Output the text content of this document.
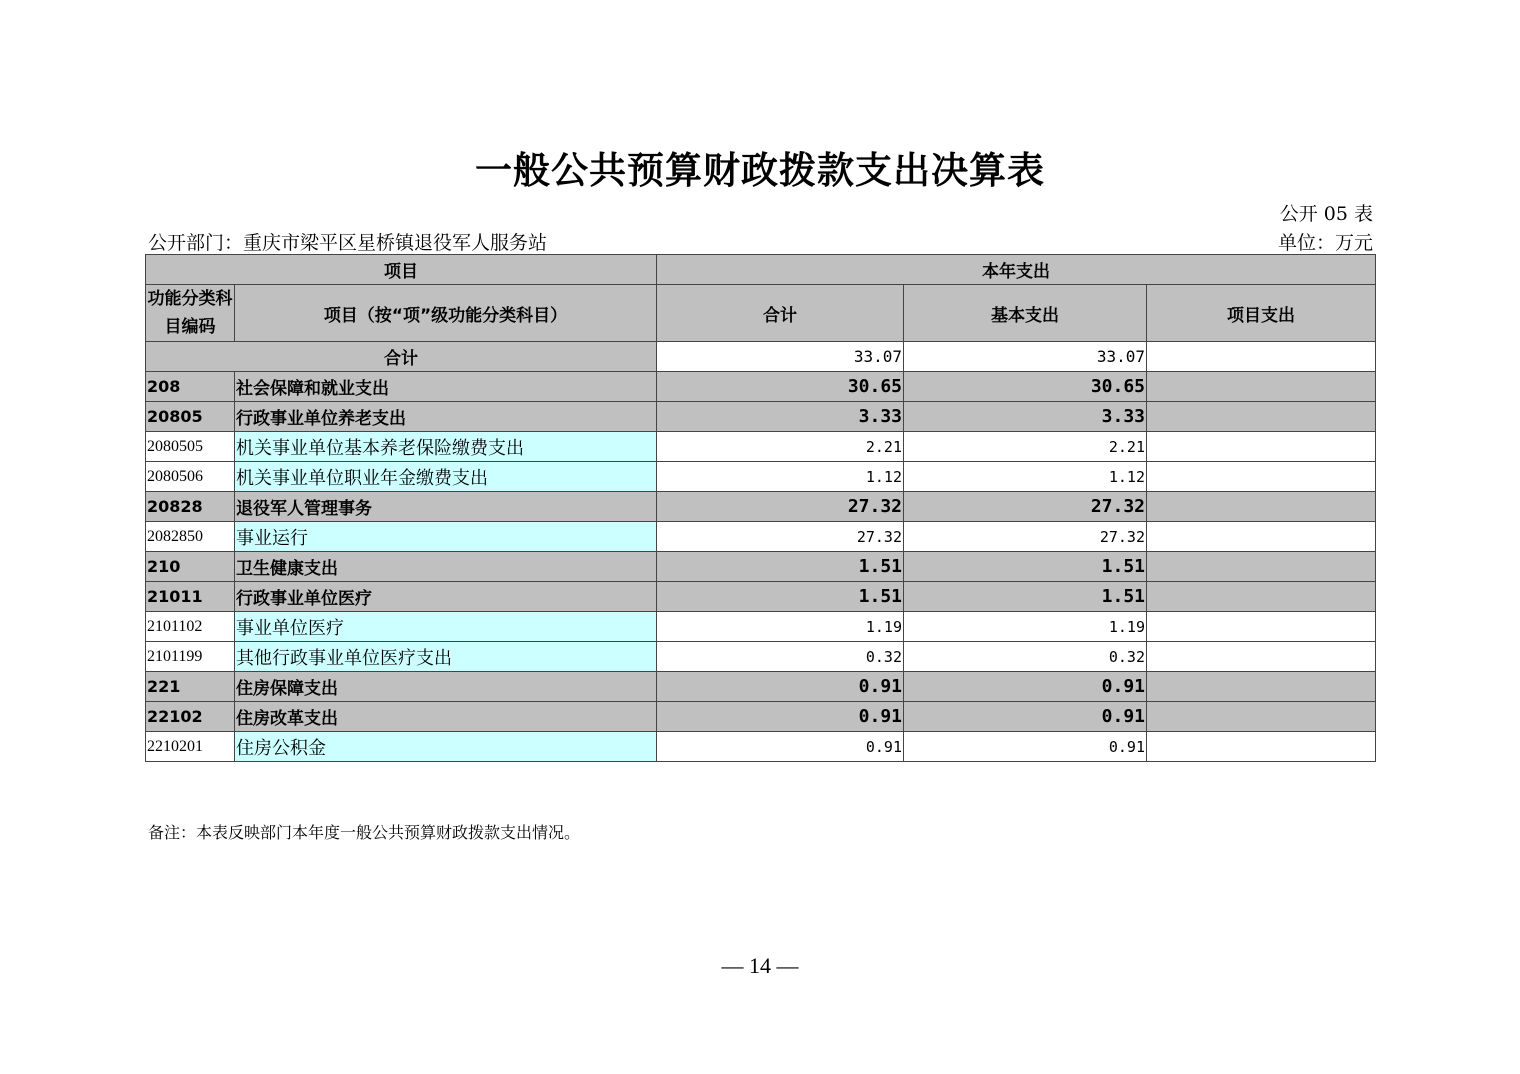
一般公共预算财政拨款支出决算表
公开 05 表
公开部门：重庆市梁平区星桥镇退役军人服务站	单位：万元
项目		本年支出		
功能分类科目编码	项目（按“项”级功能分类科目）	合计	基本支出	项目支出
合计		33.07	33.07	
208	社会保障和就业支出	30.65	30.65	
20805	行政事业单位养老支出	3.33	3.33	
2080505	机关事业单位基本养老保险缴费支出	2.21	2.21	
2080506	机关事业单位职业年金缴费支出	1.12	1.12	
20828	退役军人管理事务	27.32	27.32	
2082850	事业运行	27.32	27.32	
210	卫生健康支出	1.51	1.51	
21011	行政事业单位医疗	1.51	1.51	
2101102	事业单位医疗	1.19	1.19	
2101199	其他行政事业单位医疗支出	0.32	0.32	
221	住房保障支出	0.91	0.91	
22102	住房改革支出	0.91	0.91	
2210201	住房公积金	0.91	0.91	
备注：本表反映部门本年度一般公共预算财政拨款支出情况。
— 14 —
